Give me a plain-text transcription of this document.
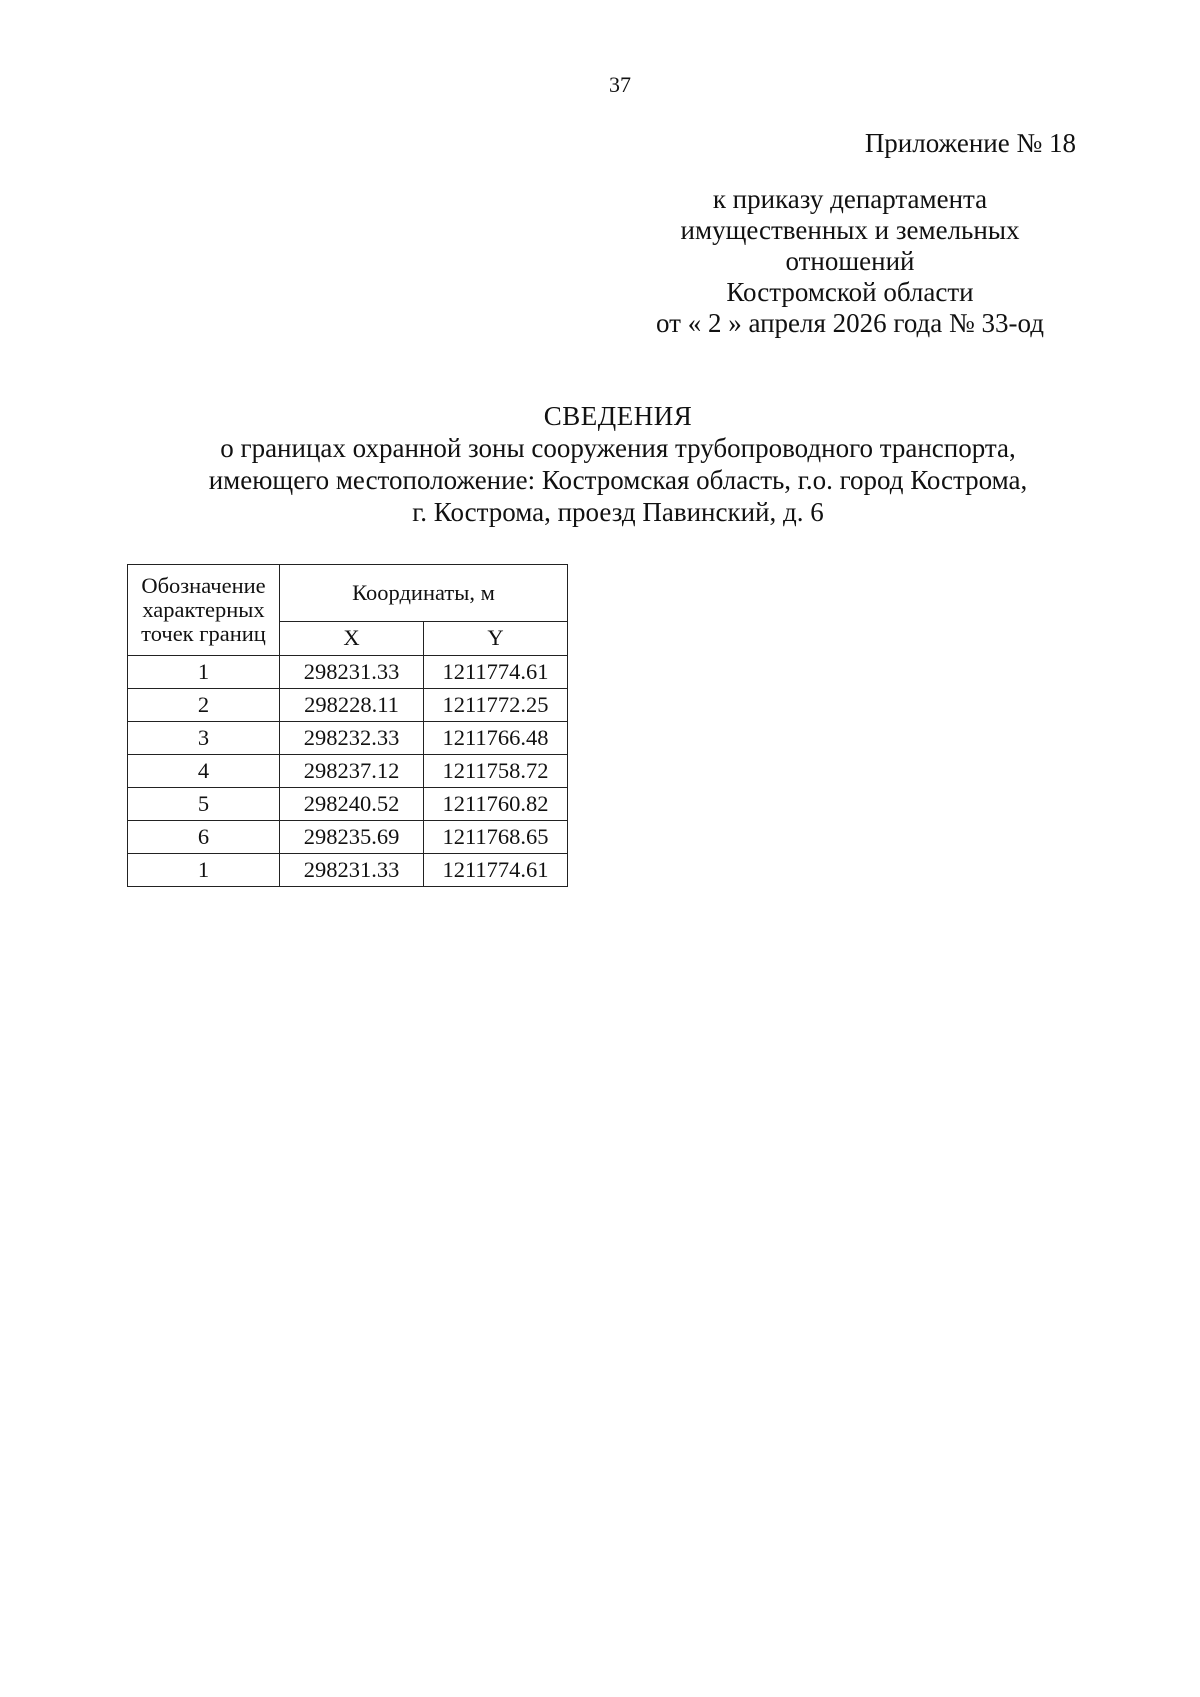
37
Приложение № 18
к приказу департамента
имущественных и земельных
отношений
Костромской области
от « 2 » апреля 2026 года № 33-од
СВЕДЕНИЯ
о границах охранной зоны сооружения трубопроводного транспорта,
имеющего местоположение: Костромская область, г.о. город Кострома,
г. Кострома, проезд Павинский, д. 6
Обозначение характерных точек границ	Координаты, м	
	X	Y
1	298231.33	1211774.61
2	298228.11	1211772.25
3	298232.33	1211766.48
4	298237.12	1211758.72
5	298240.52	1211760.82
6	298235.69	1211768.65
1	298231.33	1211774.61
